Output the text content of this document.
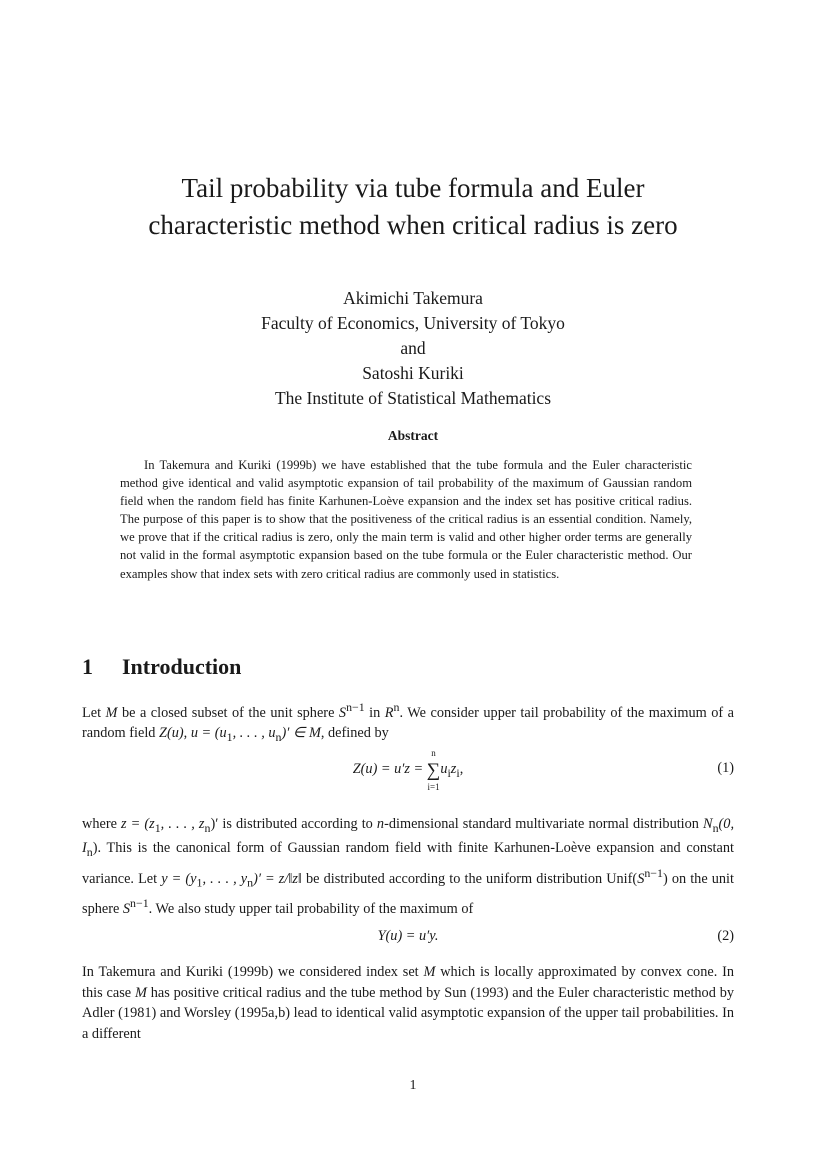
Tail probability via tube formula and Euler
characteristic method when critical radius is zero
Akimichi Takemura
Faculty of Economics, University of Tokyo
and
Satoshi Kuriki
The Institute of Statistical Mathematics
Abstract
In Takemura and Kuriki (1999b) we have established that the tube formula and the Euler characteristic method give identical and valid asymptotic expansion of tail probability of the maximum of Gaussian random field when the random field has finite Karhunen-Loève expansion and the index set has positive critical radius. The purpose of this paper is to show that the positiveness of the critical radius is an essential condition. Namely, we prove that if the critical radius is zero, only the main term is valid and other higher order terms are generally not valid in the formal asymptotic expansion based on the tube formula or the Euler characteristic method. Our examples show that index sets with zero critical radius are commonly used in statistics.
1 Introduction
Let M be a closed subset of the unit sphere $S^{n-1}$ in $R^n$. We consider upper tail probability of the maximum of a random field Z(u), $u = (u_1$, . . . , $u_n)'$ ∈ M, defined by
Z(u) = u′z = ∑
n
i=1
$u_iz_i$,	(1)
where $z = (z_1$, . . . , $z_n)'$ is distributed according to n-dimensional standard multivariate normal distribution $N_n(0$, $I_n$). This is the canonical form of Gaussian random field with finite Karhunen-Loève expansion and constant variance. Let $y = (y_1$, . . . , $y_n)'$ = z/‖z‖ be distributed according to the uniform distribution $Unif(S^{n-1})$ on the unit sphere $S^{n-1}$. We also study upper tail probability of the maximum of
Y(u) = u′y.	(2)
In Takemura and Kuriki (1999b) we considered index set M which is locally approximated by convex cone. In this case M has positive critical radius and the tube method by Sun (1993) and the Euler characteristic method by Adler (1981) and Worsley (1995a,b) lead to identical valid asymptotic expansion of the upper tail probabilities. In a different
1
